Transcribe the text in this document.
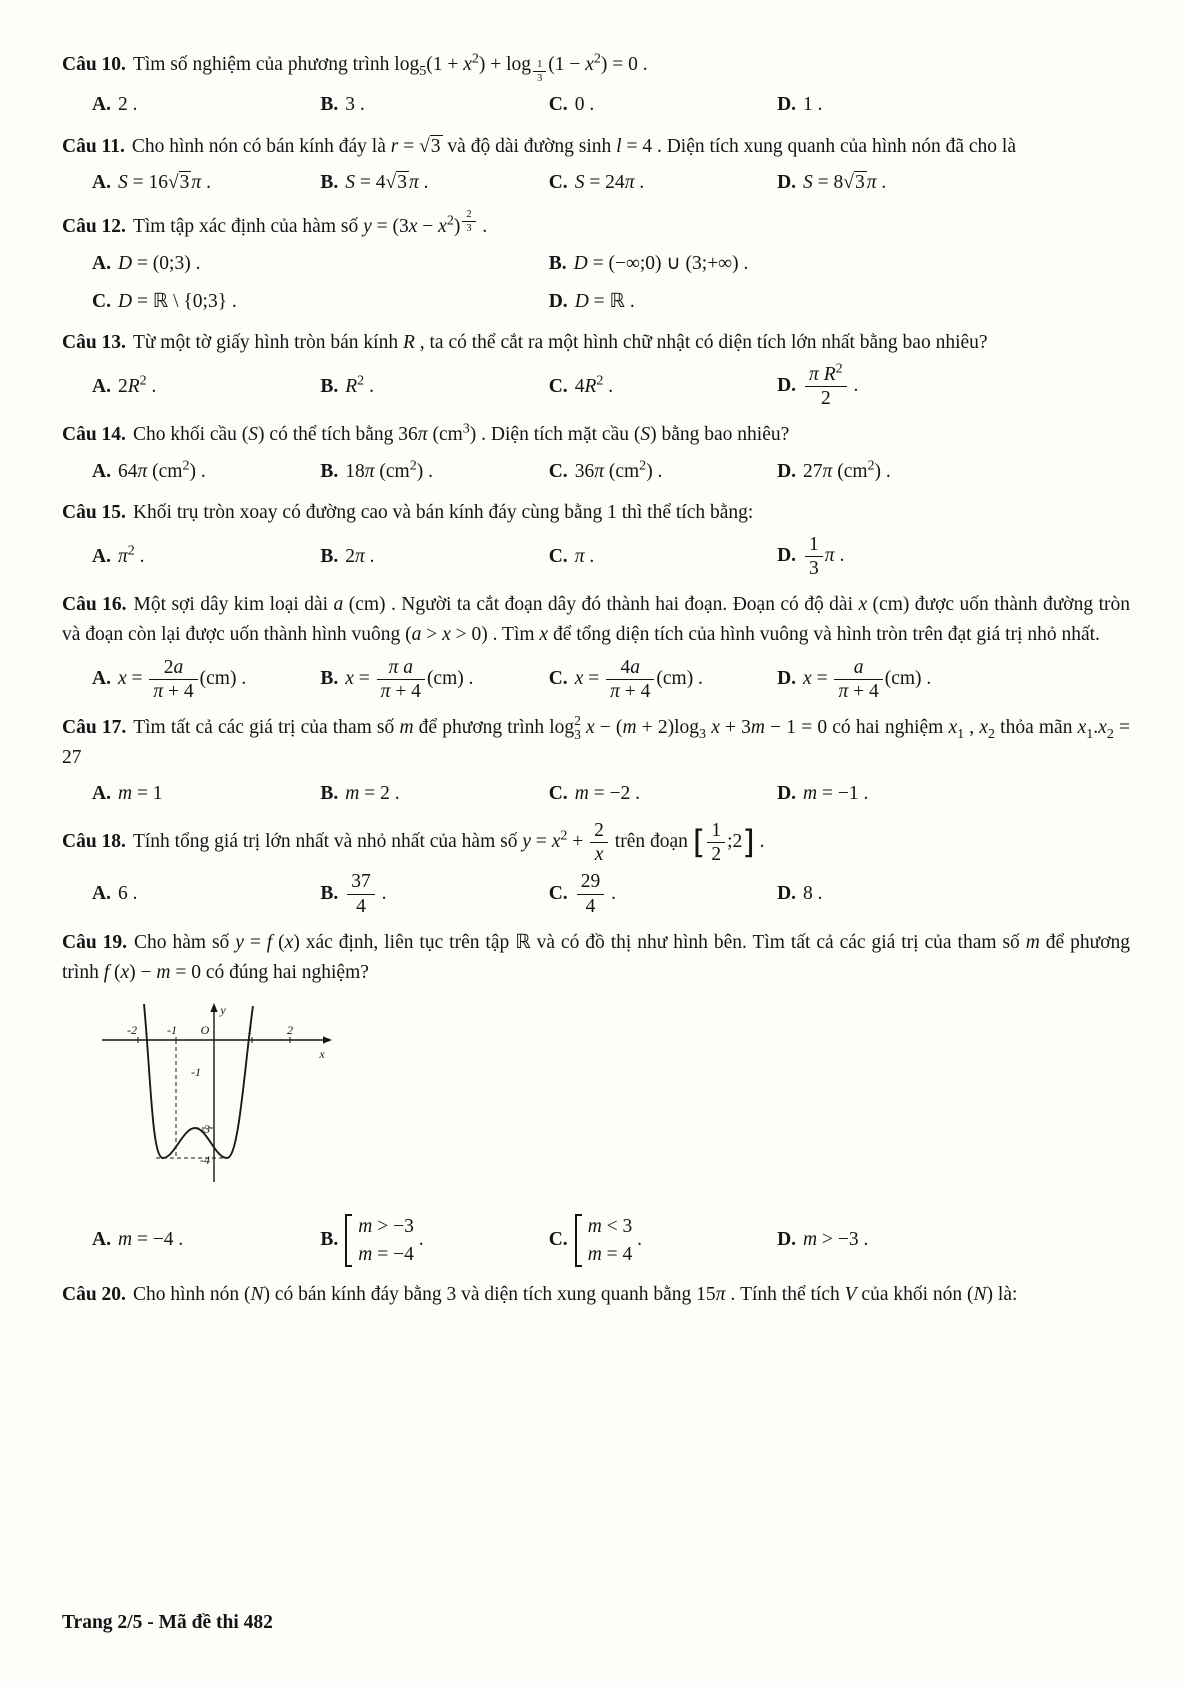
Câu 10. Tìm số nghiệm của phương trình $\log_5(1 + x^2) + \log _{\frac{1}{3}}$ $(1 - x^2) = 0$ .

A. 2 .	B. 3 .	C. 0 .	D. 1 .

Câu 11. Cho hình nón có bán kính đáy là r = √3 và độ dài đường sinh l = 4 . Diện tích xung quanh của hình nón đã cho là

A. S = 16√3 π .	B. S = 4√3 π .	C. S = 24π .	D. S = 8√3 π .

Câu 12. Tìm tập xác định của hàm số $y = (3x - x^2)$ $^{\frac{2}{3}}$ .

A. D = (0;3) .	B. D = (−∞;0) ∪ (3;+∞) .
C. D = ℝ \ {0;3} .	D. D = ℝ .

Câu 13. Từ một tờ giấy hình tròn bán kính R , ta có thể cắt ra một hình chữ nhật có diện tích lớn nhất bằng bao nhiêu?

A. $2R^2$ .	B. $R^2$ .	C. $4R^2$ .	D. $\frac{\pi R^2}{2}$ .

Câu 14. Cho khối cầu (S) có thể tích bằng 36π $(cm^3)$ . Diện tích mặt cầu (S) bằng bao nhiêu?

A. 64π $(cm^2)$ .	B. 18π $(cm^2)$ .	C. 36π $(cm^2)$ .	D. 27π $(cm^2)$ .

Câu 15. Khối trụ tròn xoay có đường cao và bán kính đáy cùng bằng 1 thì thể tích bằng:

A. $\pi^2$ .	B. 2π .	C. π .	D. $\frac{1}{3}$ π .

Câu 16. Một sợi dây kim loại dài a (cm) . Người ta cắt đoạn dây đó thành hai đoạn. Đoạn có độ dài x (cm) được uốn thành đường tròn và đoạn còn lại được uốn thành hình vuông (a > x > 0) . Tìm x để tổng diện tích của hình vuông và hình tròn trên đạt giá trị nhỏ nhất.

A. $x = \frac{2a}{\pi + 4} (cm)$ .	B. $x = \frac{\text{π a}}{\pi + 4} (cm)$ .	C. $x = \frac{4a}{\pi + 4} (cm)$ .	D. $x = \frac{a}{\pi + 4} (cm)$ .

Câu 17. Tìm tất cả các giá trị của tham số m để phương trình log 2
3 $x - (m + 2)\log_3$ x + 3m − 1 = 0 có hai nghiệm $x_1$ , $x_2$ thỏa mãn $x_1.x_2 = 27$

A. m = 1	B. m = 2 .	C. m = −2 .	D. m = −1 .

Câu 18. Tính tổng giá trị lớn nhất và nhỏ nhất của hàm số $y = x^2 + \frac{2}{x}$ trên đoạn [ $\frac{1}{2}$ ;2] .

A. 6 .	B. $\frac{37}{4}$ .	C. $\frac{29}{4}$ .	D. 8 .

Câu 19. Cho hàm số y = f (x) xác định, liên tục trên tập ℝ và có đồ thị như hình bên. Tìm tất cả các giá trị của tham số m để phương trình f (x) − m = 0 có đúng hai nghiệm?

-2	-1 O	1	2
-1
-3
-4
x
y
A. m = −4 .	B.
m > −3
m = −4
.	C.
m < 3
m = 4
.	D. m > −3 .

Câu 20. Cho hình nón (N) có bán kính đáy bằng 3 và diện tích xung quanh bằng 15π . Tính thể tích V của khối nón (N) là:

Trang 2/5 - Mã đề thi 482
